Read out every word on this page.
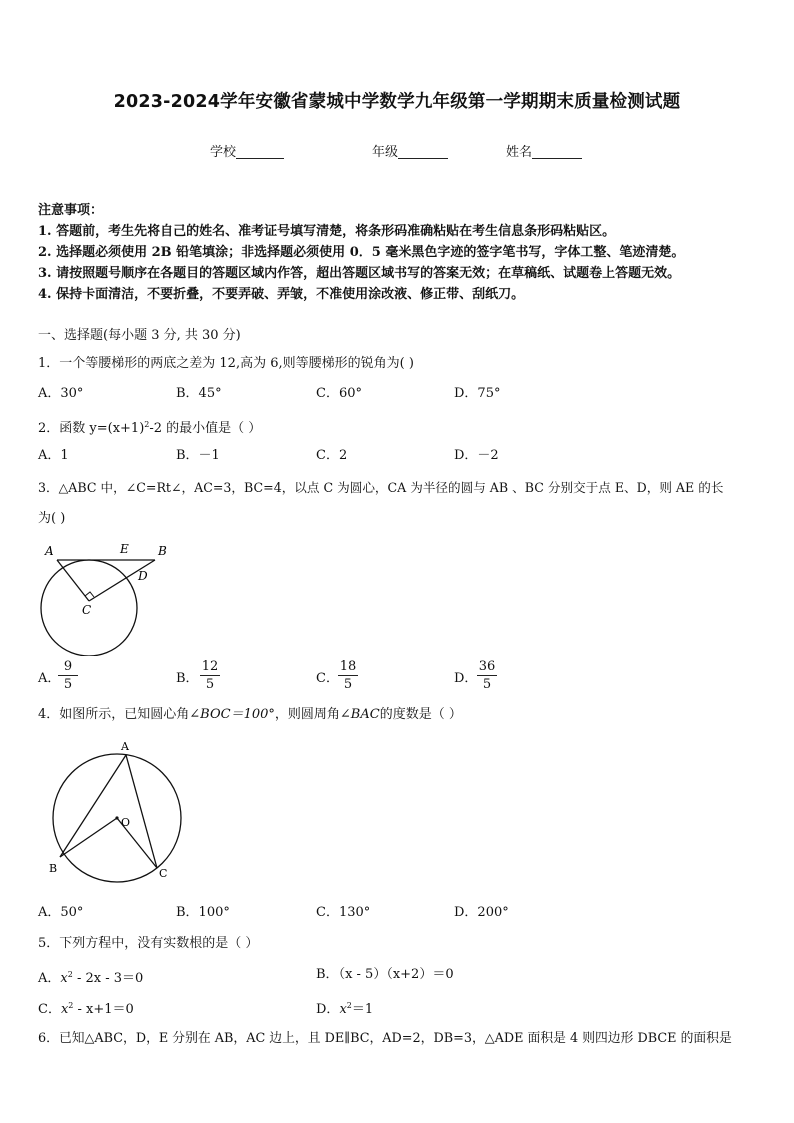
2023-2024学年安徽省蒙城中学数学九年级第一学期期末质量检测试题
学校	年级	姓名
注意事项：
1. 答题前，考生先将自己的姓名、准考证号填写清楚，将条形码准确粘贴在考生信息条形码粘贴区。
2. 选择题必须使用 2B 铅笔填涂；非选择题必须使用 0．5 毫米黑色字迹的签字笔书写，字体工整、笔迹清楚。
3. 请按照题号顺序在各题目的答题区域内作答，超出答题区域书写的答案无效；在草稿纸、试题卷上答题无效。
4. 保持卡面清洁，不要折叠，不要弄破、弄皱，不准使用涂改液、修正带、刮纸刀。
一、选择题(每小题 3 分, 共 30 分)
1．一个等腰梯形的两底之差为 12,高为 6,则等腰梯形的锐角为( )
A．30°	B．45°	C．60°	D．75°
2．函数 $y=(x+1)^2-2$ 的最小值是（ ）
A．1	B．－1	C．2	D．－2
3．△ABC 中，∠C=Rt∠，AC=3，BC=4，以点 C 为圆心，CA 为半径的圆与 AB 、BC 分别交于点 E、D，则 AE 的长
为( )
A	E B
D
C
A．
9
5	B．
12
5	C．
18
5	D．
36
5
4．如图所示，已知圆心角∠BOC＝100°，则圆周角∠BAC的度数是（ ）
A
O
B	C
A．50°	B．100°	C．130°	D．200°
5．下列方程中，没有实数根的是（ ）
A．$x^2 - 2x - 3=0$	B．（x - 5）（x+2）＝0
C．$x^2 - x+1=0$	D．$x^2=1$
6．已知△ABC，D，E 分别在 AB，AC 边上，且 DE∥BC，AD=2，DB=3，△ADE 面积是 4 则四边形 DBCE 的面积是
